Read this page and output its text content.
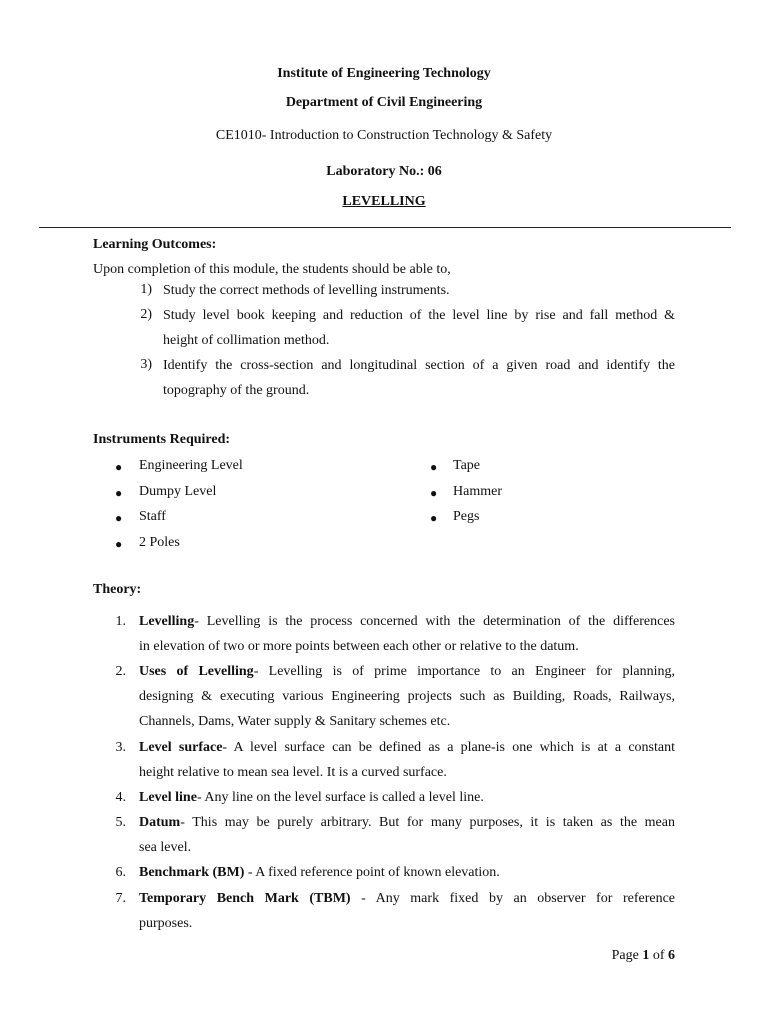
Institute of Engineering Technology
Department of Civil Engineering
CE1010- Introduction to Construction Technology & Safety
Laboratory No.: 06
LEVELLING
Learning Outcomes:
Upon completion of this module, the students should be able to,
1) Study the correct methods of levelling instruments.
2) Study level book keeping and reduction of the level line by rise and fall method &
height of collimation method.
3) Identify the cross-section and longitudinal section of a given road and identify the
topography of the ground.
Instruments Required:
● Engineering Level
● Dumpy Level
● Staff
● 2 Poles
● Tape
● Hammer
● Pegs
Theory:
1. Levelling- Levelling is the process concerned with the determination of the differences
in elevation of two or more points between each other or relative to the datum.
2. Uses of Levelling- Levelling is of prime importance to an Engineer for planning,
designing & executing various Engineering projects such as Building, Roads, Railways,
Channels, Dams, Water supply & Sanitary schemes etc.
3. Level surface- A level surface can be defined as a plane-is one which is at a constant
height relative to mean sea level. It is a curved surface.
4. Level line- Any line on the level surface is called a level line.
5. Datum- This may be purely arbitrary. But for many purposes, it is taken as the mean
sea level.
6. Benchmark (BM) - A fixed reference point of known elevation.
7. Temporary Bench Mark (TBM) - Any mark fixed by an observer for reference
purposes.
Page 1 of 6
